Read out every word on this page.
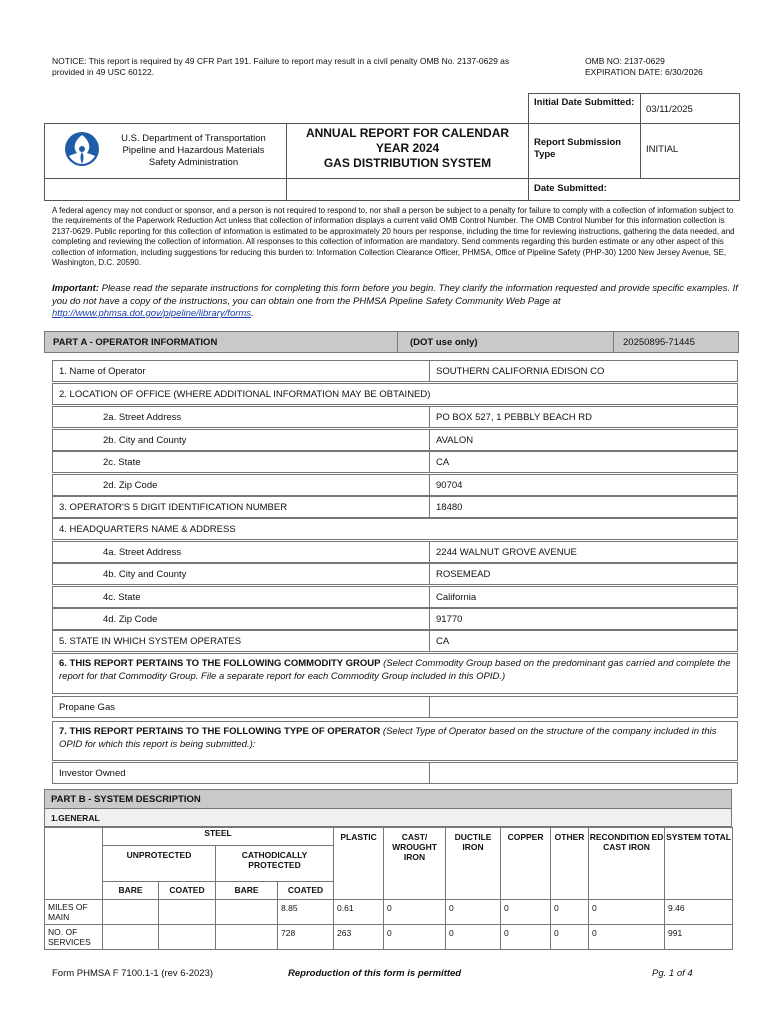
NOTICE: This report is required by 49 CFR Part 191. Failure to report may result in a civil penalty OMB No. 2137-0629 as provided in 49 USC 60122.
OMB NO: 2137-0629
EXPIRATION DATE: 6/30/2026
Initial Date Submitted:
03/11/2025
U.S. Department of Transportation
Pipeline and Hazardous Materials
Safety Administration
ANNUAL REPORT FOR CALENDAR
YEAR 2024
GAS DISTRIBUTION SYSTEM
Report Submission Type	INITIAL
Date Submitted:
A federal agency may not conduct or sponsor, and a person is not required to respond to, nor shall a person be subject to a penalty for failure to comply with a collection of information subject to the requirements of the Paperwork Reduction Act unless that collection of information displays a current valid OMB Control Number. The OMB Control Number for this information collection is 2137-0629. Public reporting for this collection of information is estimated to be approximately 20 hours per response, including the time for reviewing instructions, gathering the data needed, and completing and reviewing the collection of information. All responses to this collection of information are mandatory. Send comments regarding this burden estimate or any other aspect of this collection of information, including suggestions for reducing this burden to: Information Collection Clearance Officer, PHMSA, Office of Pipeline Safety (PHP-30) 1200 New Jersey Avenue, SE, Washington, D.C. 20590.
Important: Please read the separate instructions for completing this form before you begin. They clarify the information requested and provide specific examples. If you do not have a copy of the instructions, you can obtain one from the PHMSA Pipeline Safety Community Web Page at http://www.phmsa.dot.gov/pipeline/library/forms.
PART A - OPERATOR INFORMATION	(DOT use only)	20250895-71445
1. Name of Operator	SOUTHERN CALIFORNIA EDISON CO
2. LOCATION OF OFFICE (WHERE ADDITIONAL INFORMATION MAY BE OBTAINED)
2a. Street Address	PO BOX 527, 1 PEBBLY BEACH RD
2b. City and County	AVALON
2c. State	CA
2d. Zip Code	90704
3. OPERATOR'S 5 DIGIT IDENTIFICATION NUMBER	18480
4. HEADQUARTERS NAME & ADDRESS
4a. Street Address	2244 WALNUT GROVE AVENUE
4b. City and County	ROSEMEAD
4c. State	California
4d. Zip Code	91770
5. STATE IN WHICH SYSTEM OPERATES	CA
6. THIS REPORT PERTAINS TO THE FOLLOWING COMMODITY GROUP (Select Commodity Group based on the predominant gas carried and complete the report for that Commodity Group. File a separate report for each Commodity Group included in this OPID.)
Propane Gas
7. THIS REPORT PERTAINS TO THE FOLLOWING TYPE OF OPERATOR (Select Type of Operator based on the structure of the company included in this OPID for which this report is being submitted.):
Investor Owned
PART B - SYSTEM DESCRIPTION
1.GENERAL
	STEEL				PLASTIC	CAST/ WROUGHT IRON	DUCTILE IRON	COPPER	OTHER	RECONDITION ED CAST IRON	SYSTEM TOTAL
	UNPROTECTED		CATHODICALLY PROTECTED								
	BARE	COATED	BARE	COATED							
MILES OF MAIN				8.85	0.61	0	0	0	0	0	9.46
NO. OF SERVICES				728	263	0	0	0	0	0	991
Form PHMSA F 7100.1-1 (rev 6-2023)	Reproduction of this form is permitted	Pg. 1 of 4
